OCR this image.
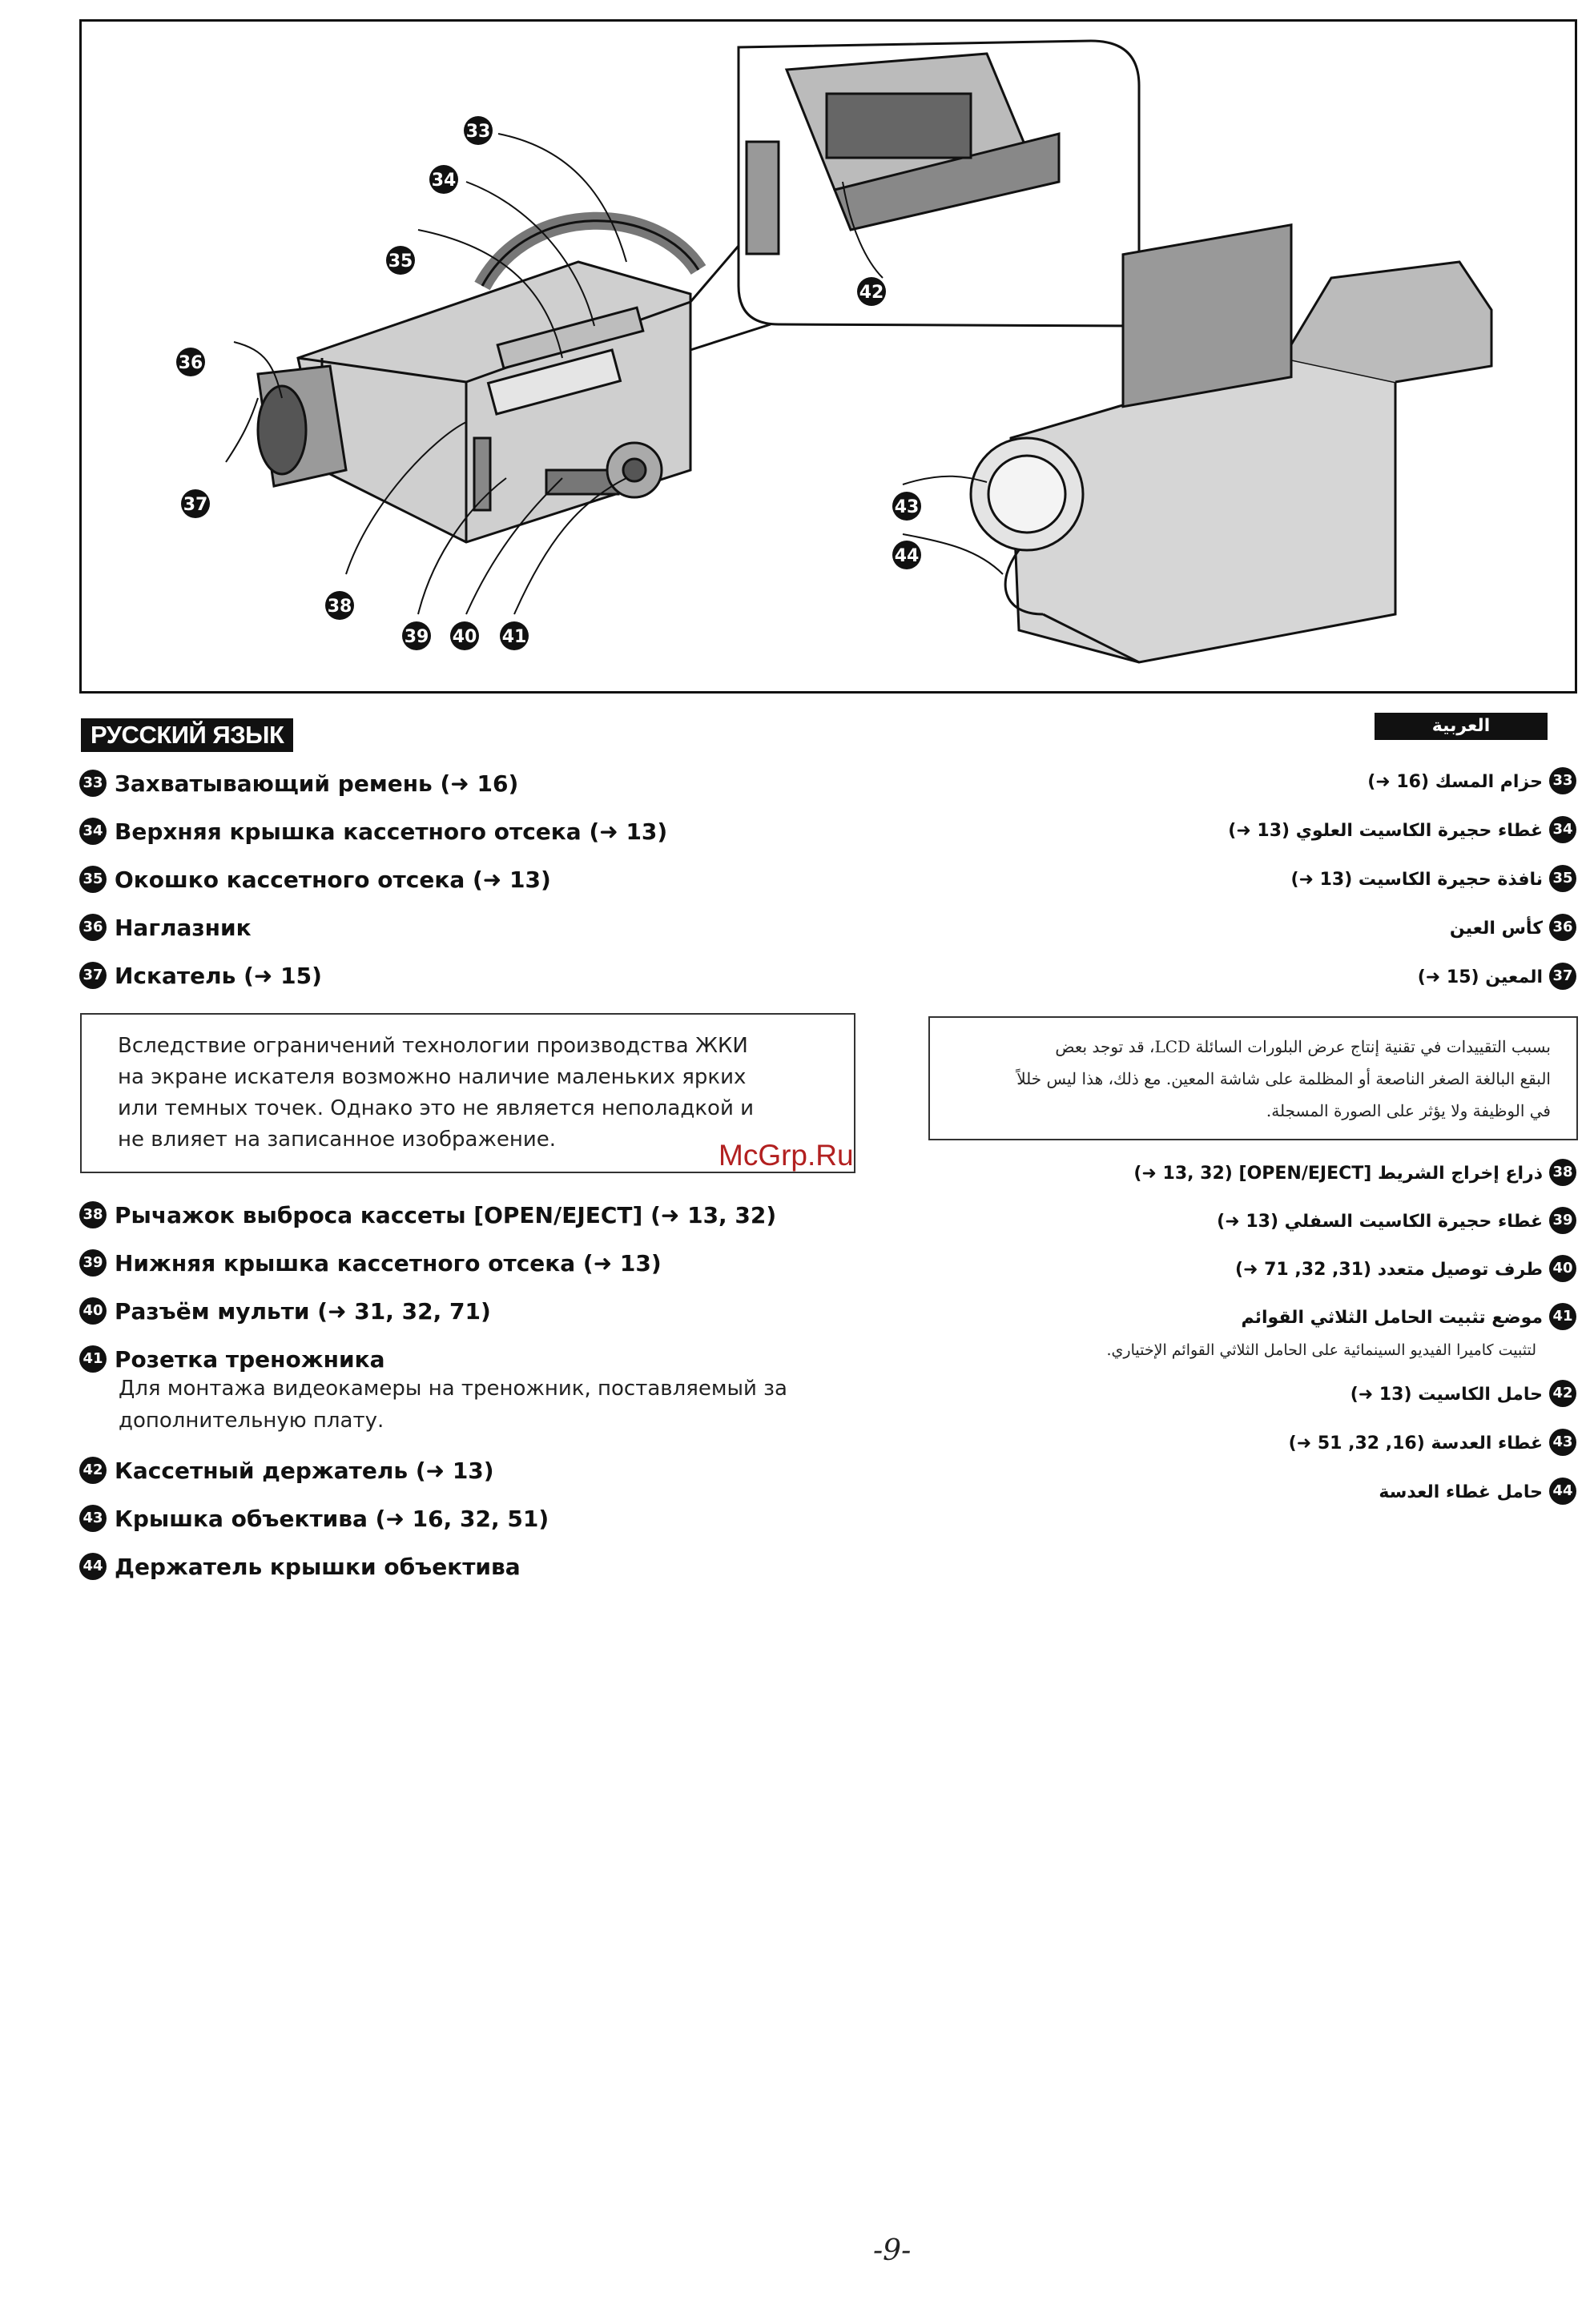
33
34
35
36
37
38
39 40 41
42
43
44
РУССКИЙ ЯЗЫК
33 Захватывающий ремень (➜ 16)
34 Верхняя крышка кассетного отсека (➜ 13)
35 Окошко кассетного отсека (➜ 13)
36 Наглазник
37 Искатель (➜ 15)
Вследствие ограничений технологии производства ЖКИ
на экране искателя возможно наличие маленьких ярких
или темных точек. Однако это не является неполадкой и
не влияет на записанное изображение.
38 Рычажок выброса кассеты [OPEN/EJECT] (➜ 13, 32)
39 Нижняя крышка кассетного отсека (➜ 13)
40 Разъём мульти (➜ 31, 32, 71)
41 Розетка треножника
Для монтажа видеокамеры на треножник, поставляемый за
дополнительную плату.
42 Кассетный держатель (➜ 13)
43 Крышка объектива (➜ 16, 32, 51)
44 Держатель крышки объектива
العربية
33حزام المسك (16 ➜)
34غطاء حجيرة الكاسيت العلوي (13 ➜)
35نافذة حجيرة الكاسيت (13 ➜)
36كأس العين
37المعين (15 ➜)
بسبب التقييدات في تقنية إنتاج عرض البلورات السائلة LCD، قد توجد بعض
البقع البالغة الصغر الناصعة أو المظلمة على شاشة المعين. مع ذلك، هذا ليس خللاً
في الوظيفة ولا يؤثر على الصورة المسجلة.
38ذراع إخراج الشريط [OPEN/EJECT] (13, 32 ➜)
39غطاء حجيرة الكاسيت السفلي (13 ➜)
40طرف توصيل متعدد (31, 32, 71 ➜)
41موضع تثبيت الحامل الثلاثي القوائم
لتثبيت كاميرا الفيديو السينمائية على الحامل الثلاثي القوائم الإختياري.
42حامل الكاسيت (13 ➜)
43غطاء العدسة (16, 32, 51 ➜)
44حامل غطاء العدسة
McGrp.Ru
-9-
